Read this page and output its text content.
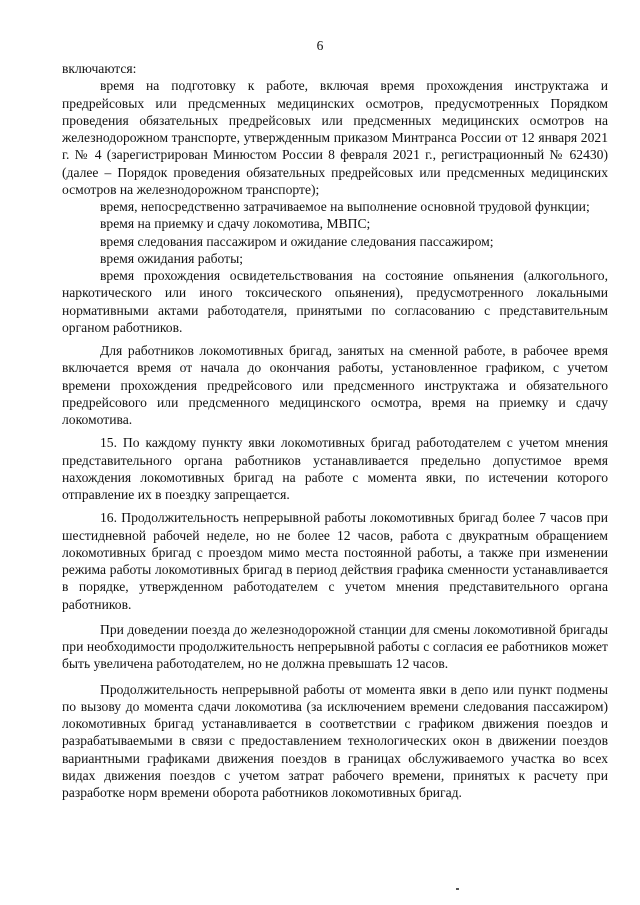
6

включаются:

время на подготовку к работе, включая время прохождения инструктажа и предрейсовых или предсменных медицинских осмотров, предусмотренных Порядком проведения обязательных предрейсовых или предсменных медицинских осмотров на железнодорожном транспорте, утвержденным приказом Минтранса России от 12 января 2021 г. № 4 (зарегистрирован Минюстом России 8 февраля 2021 г., регистрационный № 62430) (далее – Порядок проведения обязательных предрейсовых или предсменных медицинских осмотров на железнодорожном транспорте);

время, непосредственно затрачиваемое на выполнение основной трудовой функции;

время на приемку и сдачу локомотива, МВПС;

время следования пассажиром и ожидание следования пассажиром;

время ожидания работы;

время прохождения освидетельствования на состояние опьянения (алкогольного, наркотического или иного токсического опьянения), предусмотренного локальными нормативными актами работодателя, принятыми по согласованию с представительным органом работников.

Для работников локомотивных бригад, занятых на сменной работе, в рабочее время включается время от начала до окончания работы, установленное графиком, с учетом времени прохождения предрейсового или предсменного инструктажа и обязательного предрейсового или предсменного медицинского осмотра, время на приемку и сдачу локомотива.

15. По каждому пункту явки локомотивных бригад работодателем с учетом мнения представительного органа работников устанавливается предельно допустимое время нахождения локомотивных бригад на работе с момента явки, по истечении которого отправление их в поездку запрещается.

16. Продолжительность непрерывной работы локомотивных бригад более 7 часов при шестидневной рабочей неделе, но не более 12 часов, работа с двукратным обращением локомотивных бригад с проездом мимо места постоянной работы, а также при изменении режима работы локомотивных бригад в период действия графика сменности устанавливается в порядке, утвержденном работодателем с учетом мнения представительного органа работников.

При доведении поезда до железнодорожной станции для смены локомотивной бригады при необходимости продолжительность непрерывной работы с согласия ее работников может быть увеличена работодателем, но не должна превышать 12 часов.

Продолжительность непрерывной работы от момента явки в депо или пункт подмены по вызову до момента сдачи локомотива (за исключением времени следования пассажиром) локомотивных бригад устанавливается в соответствии с графиком движения поездов и разрабатываемыми в связи с предоставлением технологических окон в движении поездов вариантными графиками движения поездов в границах обслуживаемого участка во всех видах движения поездов с учетом затрат рабочего времени, принятых к расчету при разработке норм времени оборота работников локомотивных бригад.
